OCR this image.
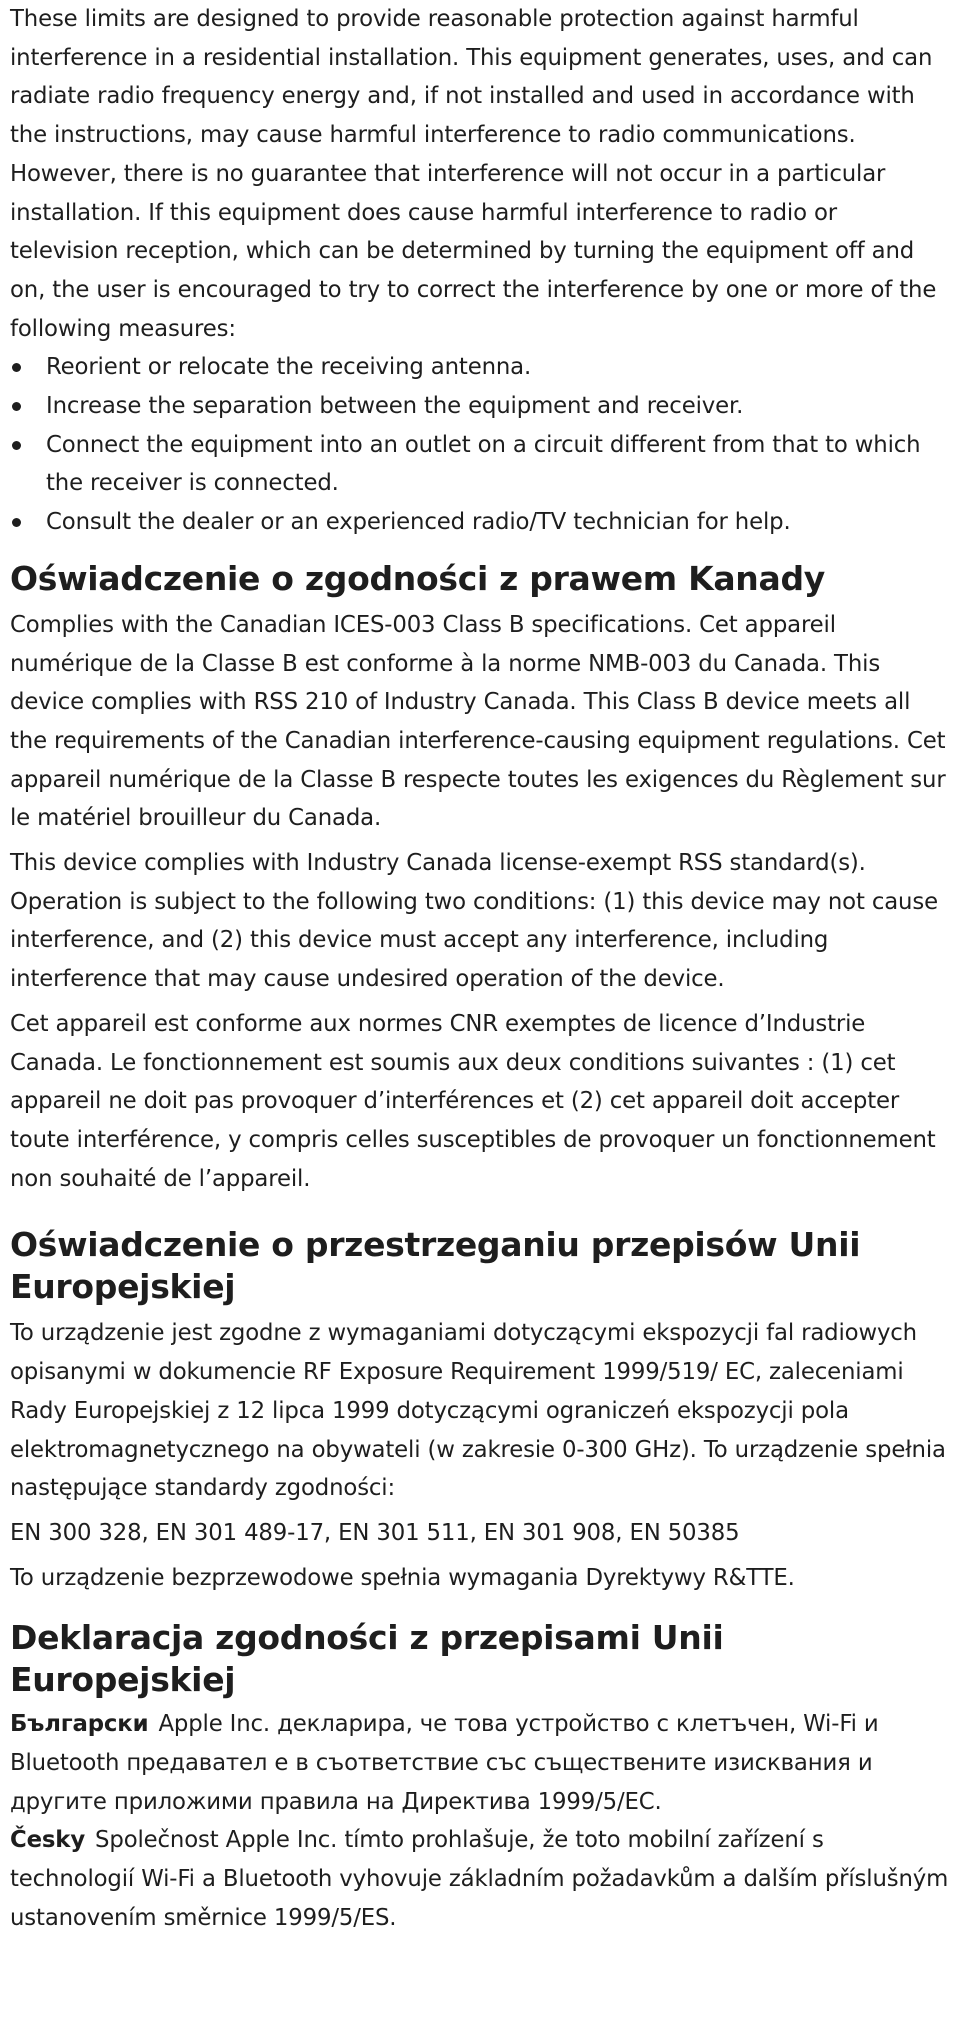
These limits are designed to provide reasonable protection against harmful interference in a residential installation. This equipment generates, uses, and can radiate radio frequency energy and, if not installed and used in accordance with the instructions, may cause harmful interference to radio communications. However, there is no guarantee that interference will not occur in a particular installation. If this equipment does cause harmful interference to radio or television reception, which can be determined by turning the equipment off and on, the user is encouraged to try to correct the interference by one or more of the following measures:

Reorient or relocate the receiving antenna.
Increase the separation between the equipment and receiver.
Connect the equipment into an outlet on a circuit different from that to which the receiver is connected.
Consult the dealer or an experienced radio/TV technician for help.
Oświadczenie o zgodności z prawem Kanady

Complies with the Canadian ICES-003 Class B specifications. Cet appareil numérique de la Classe B est conforme à la norme NMB-003 du Canada. This device complies with RSS 210 of Industry Canada. This Class B device meets all the requirements of the Canadian interference-causing equipment regulations. Cet appareil numérique de la Classe B respecte toutes les exigences du Règlement sur le matériel brouilleur du Canada.

This device complies with Industry Canada license-exempt RSS standard(s). Operation is subject to the following two conditions: (1) this device may not cause interference, and (2) this device must accept any interference, including interference that may cause undesired operation of the device.

Cet appareil est conforme aux normes CNR exemptes de licence d’Industrie Canada. Le fonctionnement est soumis aux deux conditions suivantes : (1) cet appareil ne doit pas provoquer d’interférences et (2) cet appareil doit accepter toute interférence, y compris celles susceptibles de provoquer un fonctionnement non souhaité de l’appareil.

Oświadczenie o przestrzeganiu przepisów Unii
Europejskiej

To urządzenie jest zgodne z wymaganiami dotyczącymi ekspozycji fal radiowych opisanymi w dokumencie RF Exposure Requirement 1999/519/ EC, zaleceniami Rady Europejskiej z 12 lipca 1999 dotyczącymi ograniczeń ekspozycji pola elektromagnetycznego na obywateli (w zakresie 0-300 GHz). To urządzenie spełnia następujące standardy zgodności:

EN 300 328, EN 301 489-17, EN 301 511, EN 301 908, EN 50385

To urządzenie bezprzewodowe spełnia wymagania Dyrektywy R&TTE.

Deklaracja zgodności z przepisami Unii Europejskiej

Български Apple Inc. декларира, че това устройство с клетъчен, Wi-Fi и Bluetooth предавател е в съответствие със съществените изисквания и другите приложими правила на Директива 1999/5/EC.

Česky Společnost Apple Inc. tímto prohlašuje, že toto mobilní zařízení s technologií Wi-Fi a Bluetooth vyhovuje základním požadavkům a dalším příslušným ustanovením směrnice 1999/5/ES.
